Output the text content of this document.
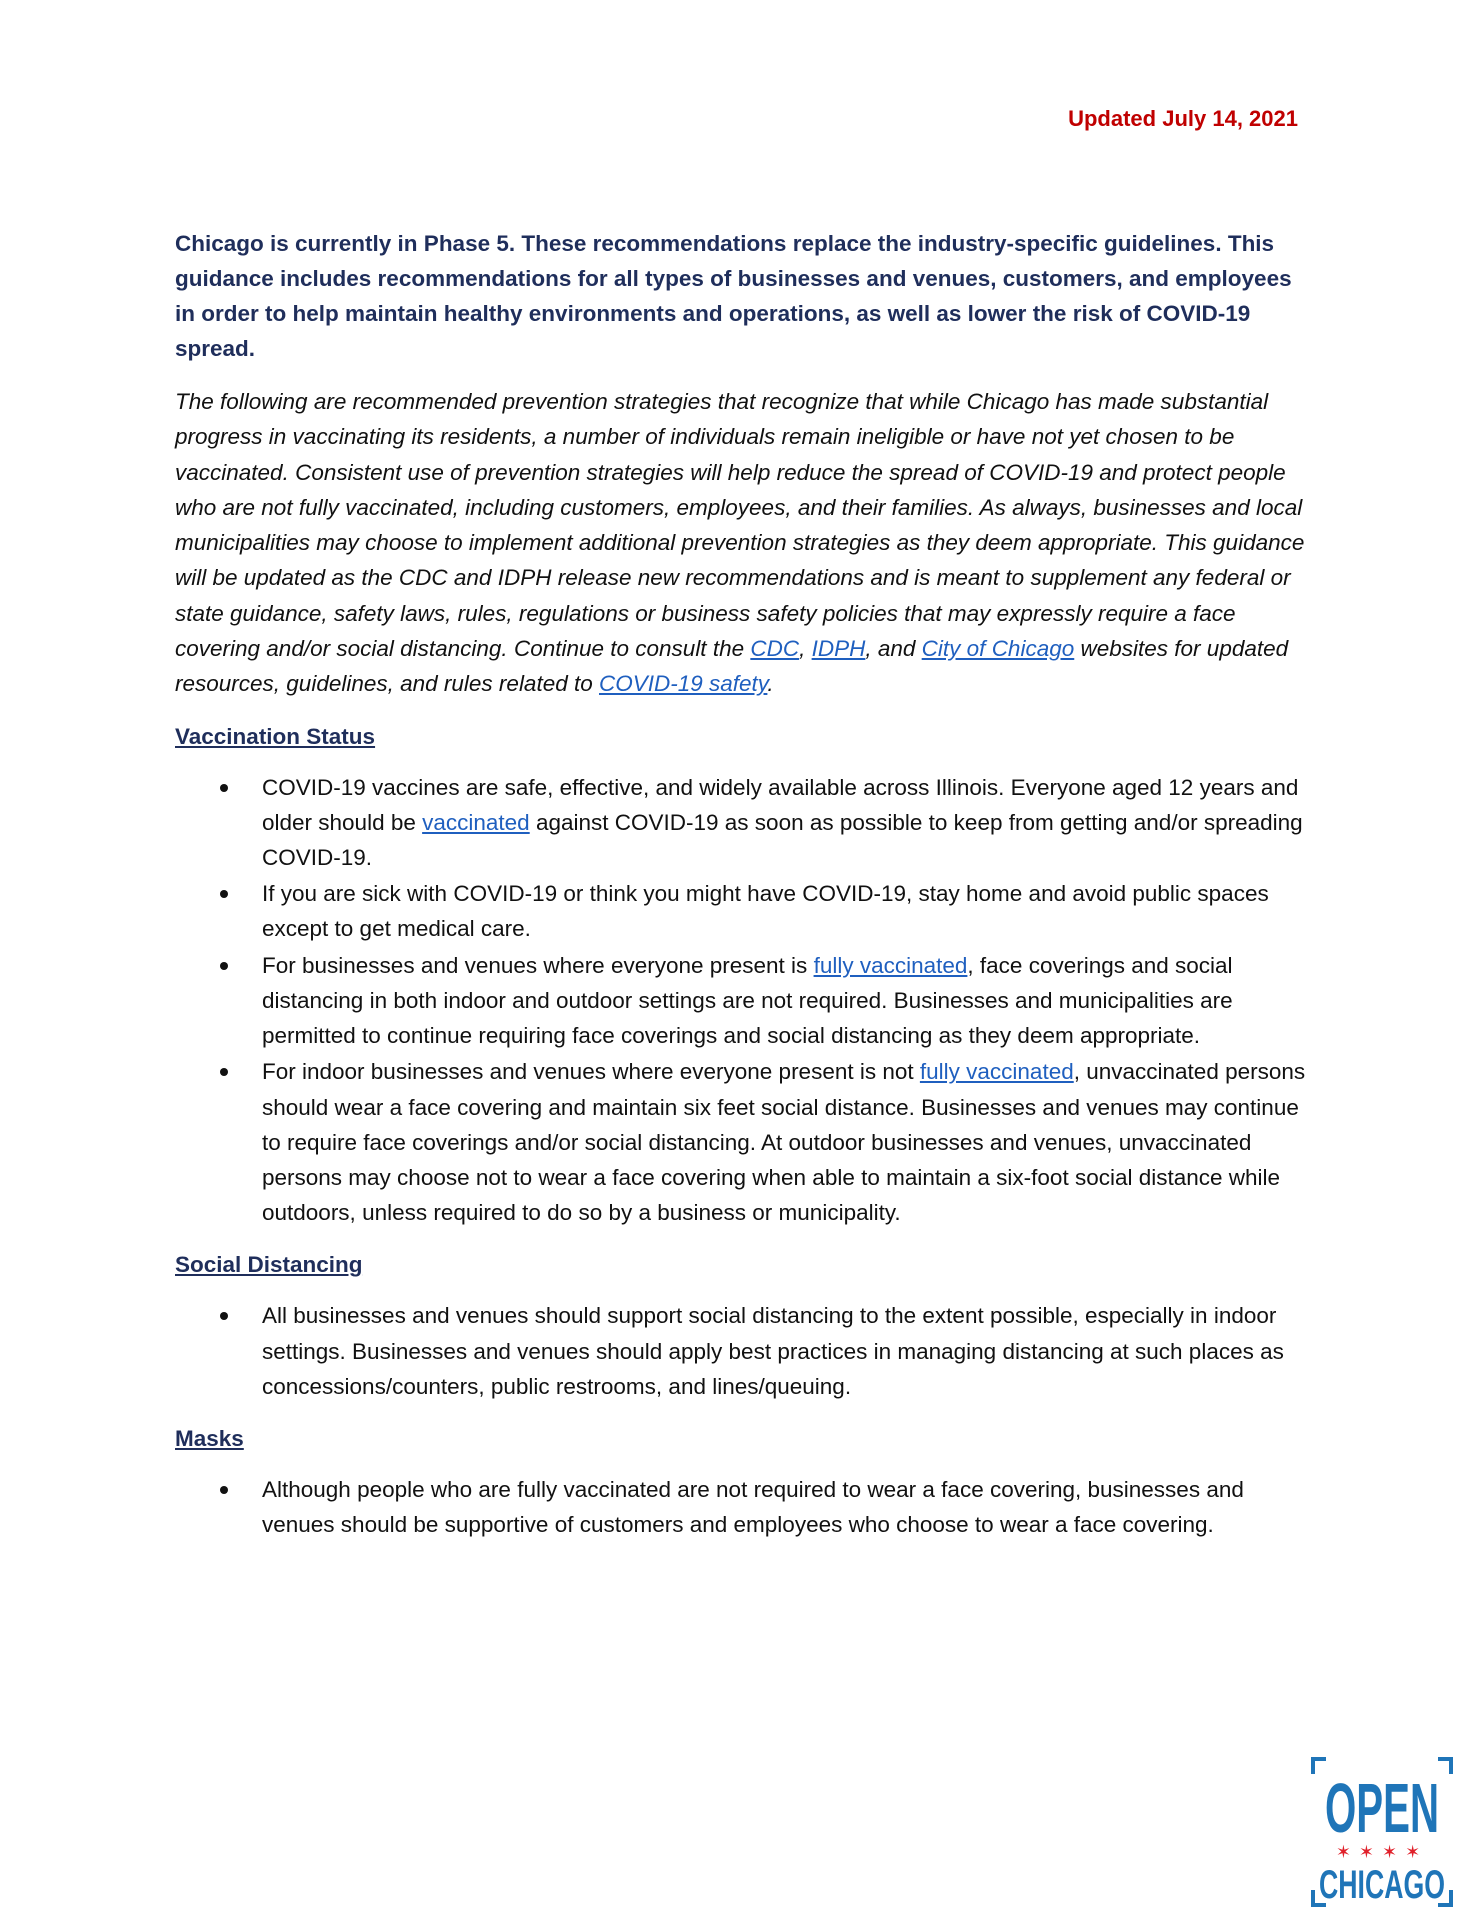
Updated July 14, 2021

Chicago is currently in Phase 5. These recommendations replace the industry-specific guidelines. This guidance includes recommendations for all types of businesses and venues, customers, and employees in order to help maintain healthy environments and operations, as well as lower the risk of COVID-19 spread.

The following are recommended prevention strategies that recognize that while Chicago has made substantial progress in vaccinating its residents, a number of individuals remain ineligible or have not yet chosen to be vaccinated. Consistent use of prevention strategies will help reduce the spread of COVID-19 and protect people who are not fully vaccinated, including customers, employees, and their families. As always, businesses and local municipalities may choose to implement additional prevention strategies as they deem appropriate. This guidance will be updated as the CDC and IDPH release new recommendations and is meant to supplement any federal or state guidance, safety laws, rules, regulations or business safety policies that may expressly require a face covering and/or social distancing. Continue to consult the CDC, IDPH, and City of Chicago websites for updated resources, guidelines, and rules related to COVID-19 safety.

Vaccination Status
COVID-19 vaccines are safe, effective, and widely available across Illinois. Everyone aged 12 years and older should be vaccinated against COVID-19 as soon as possible to keep from getting and/or spreading COVID-19.
If you are sick with COVID-19 or think you might have COVID-19, stay home and avoid public spaces except to get medical care.
For businesses and venues where everyone present is fully vaccinated, face coverings and social distancing in both indoor and outdoor settings are not required. Businesses and municipalities are permitted to continue requiring face coverings and social distancing as they deem appropriate.
For indoor businesses and venues where everyone present is not fully vaccinated, unvaccinated persons should wear a face covering and maintain six feet social distance. Businesses and venues may continue to require face coverings and/or social distancing. At outdoor businesses and venues, unvaccinated persons may choose not to wear a face covering when able to maintain a six-foot social distance while outdoors, unless required to do so by a business or municipality.
Social Distancing
All businesses and venues should support social distancing to the extent possible, especially in indoor settings. Businesses and venues should apply best practices in managing distancing at such places as concessions/counters, public restrooms, and lines/queuing.
Masks
Although people who are fully vaccinated are not required to wear a face covering, businesses and venues should be supportive of customers and employees who choose to wear a face covering.
OPEN
✶✶✶✶
CHICAGO
